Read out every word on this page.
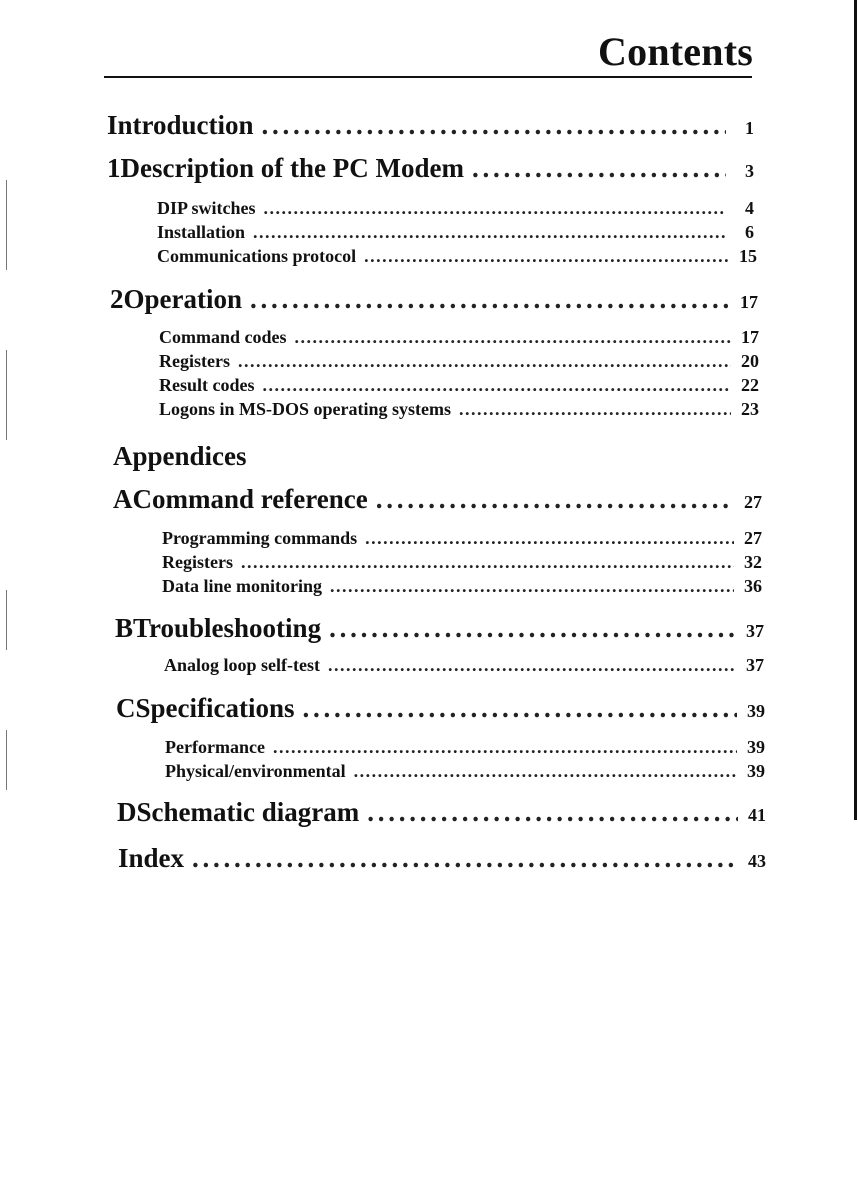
Contents
Introduction . . .	1
1 Description of the PC Modem . . .	3
DIP switches . . .	4
Installation . . .	6
Communications protocol . . .	15
2 Operation . . .	17
Command codes . . .	17
Registers . . .	20
Result codes . . .	22
Logons in MS-DOS operating systems . . .	23
Appendices
A Command reference . . .	27
Programming commands . . .	27
Registers . . .	32
Data line monitoring . . .	36
B Troubleshooting . . .	37
Analog loop self-test . . .	37
C Specifications . . .	39
Performance . . .	39
Physical/environmental . . .	39
D Schematic diagram . . .	41
Index . . .	43
